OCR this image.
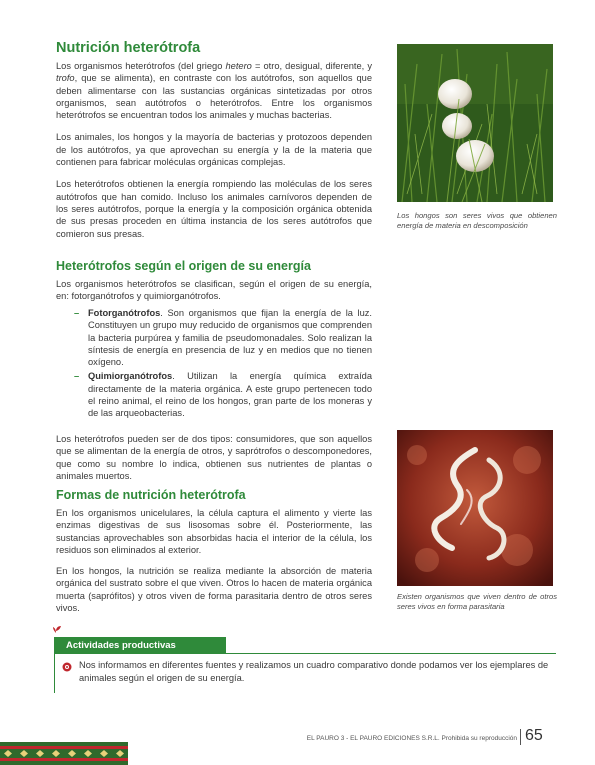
Nutrición heterótrofa

Los organismos heterótrofos (del griego hetero = otro, desigual, diferente, y trofo, que se alimenta), en contraste con los autótrofos, son aquellos que deben alimentarse con las sustancias orgánicas sintetizadas por otros organismos, sean autótrofos o heterótrofos. Entre los organismos heterótrofos se encuentran todos los animales y muchas bacterias.

Los animales, los hongos y la mayoría de bacterias y protozoos dependen de los autótrofos, ya que aprovechan su energía y la de la materia que contienen para fabricar moléculas orgánicas complejas.

Los heterótrofos obtienen la energía rompiendo las moléculas de los seres autótrofos que han comido. Incluso los animales carnívoros dependen de los seres autótrofos, porque la energía y la composición orgánica obtenida de sus presas proceden en última instancia de los seres autótrofos que comieron sus presas.

Heterótrofos según el origen de su energía

Los organismos heterótrofos se clasifican, según el origen de su energía, en: fotorganótrofos y quimiorganótrofos.

– Fotorganótrofos. Son organismos que fijan la energía de la luz. Constituyen un grupo muy reducido de organismos que comprenden la bacteria purpúrea y familia de pseudomonadales. Solo realizan la síntesis de energía en presencia de luz y en medios que no tienen oxígeno.
– Quimiorganótrofos. Utilizan la energía química extraída directamente de la materia orgánica. A este grupo pertenecen todo el reino animal, el reino de los hongos, gran parte de los moneras y de las arqueobacterias.

Los heterótrofos pueden ser de dos tipos: consumidores, que son aquellos que se alimentan de la energía de otros, y saprótrofos o descomponedores, que como su nombre lo indica, obtienen sus nutrientes de plantas o animales muertos.

Formas de nutrición heterótrofa

En los organismos unicelulares, la célula captura el alimento y vierte las enzimas digestivas de sus lisosomas sobre él. Posteriormente, las sustancias aprovechables son absorbidas hacia el interior de la célula, los residuos son eliminados al exterior.

En los hongos, la nutrición se realiza mediante la absorción de materia orgánica del sustrato sobre el que viven. Otros lo hacen de materia orgánica muerta (saprófitos) y otros viven de forma parasitaria dentro de otros seres vivos.

Los hongos son seres vivos que obtienen energía de materia en descomposición
Existen organismos que viven dentro de otros seres vivos en forma parasitaria
Actividades productivas
Nos informamos en diferentes fuentes y realizamos un cuadro comparativo donde podamos ver los ejemplares de animales según el origen de su energía.
EL PAURO 3 - EL PAURO EDICIONES S.R.L. Prohibida su reproducción 65
